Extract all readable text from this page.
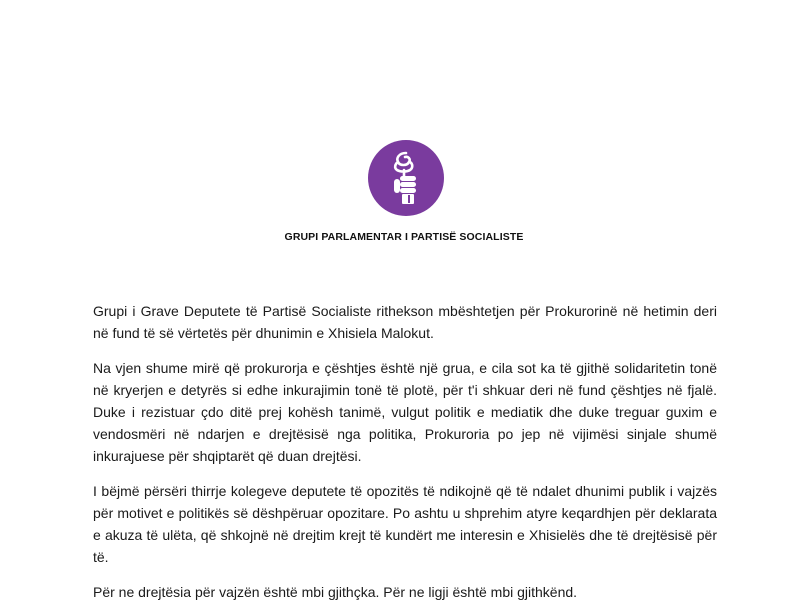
GRUPI PARLAMENTAR I PARTISË SOCIALISTE

Grupi i Grave Deputete të Partisë Socialiste rithekson mbështetjen për Prokurorinë në hetimin deri në fund të së vërtetës për dhunimin e Xhisiela Malokut.

Na vjen shume mirë që prokurorja e çështjes është një grua, e cila sot ka të gjithë solidaritetin tonë në kryerjen e detyrës si edhe inkurajimin tonë të plotë, për t'i shkuar deri në fund çështjes në fjalë. Duke i rezistuar çdo ditë prej kohësh tanimë, vulgut politik e mediatik dhe duke treguar guxim e vendosmëri në ndarjen e drejtësisë nga politika, Prokuroria po jep në vijimësi sinjale shumë inkurajuese për shqiptarët që duan drejtësi.

I bëjmë përsëri thirrje kolegeve deputete të opozitës të ndikojnë që të ndalet dhunimi publik i vajzës për motivet e politikës së dëshpëruar opozitare. Po ashtu u shprehim atyre keqardhjen për deklarata e akuza të ulëta, që shkojnë në drejtim krejt të kundërt me interesin e Xhisielës dhe të drejtësisë për të.

Për ne drejtësia për vajzën është mbi gjithçka. Për ne ligji është mbi gjithkënd.
